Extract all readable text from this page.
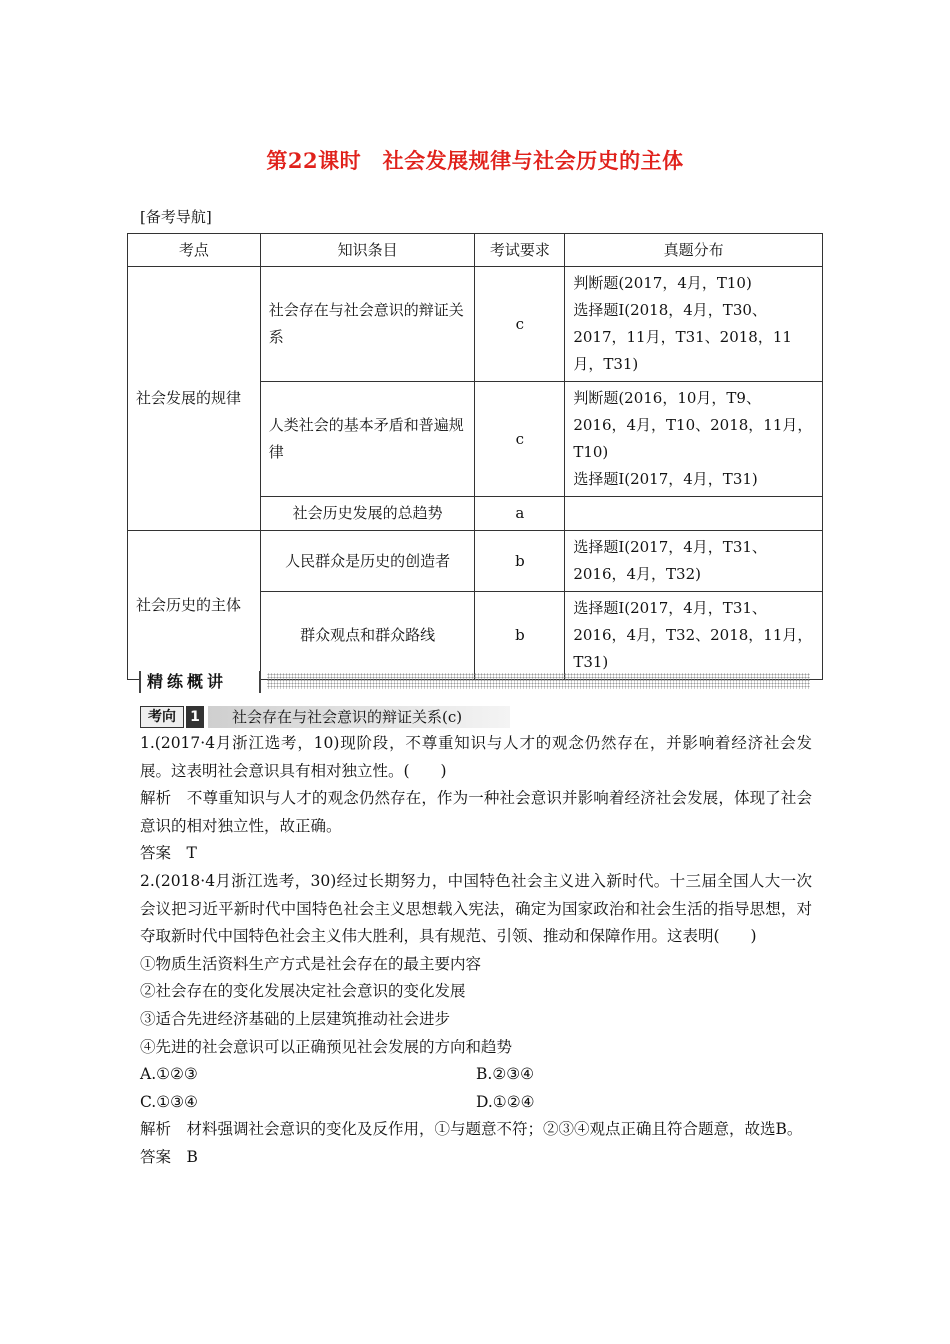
第22课时　社会发展规律与社会历史的主体
[备考导航]
考点	知识条目	考试要求	真题分布
社会发展的规律	社会存在与社会意识的辩证关系	c	判断题(2017，4月，T10)
选择题Ⅰ(2018，4月，T30、2017，11月，T31、2018，11月，T31)
	人类社会的基本矛盾和普遍规律	c	判断题(2016，10月，T9、2016，4月，T10、2018，11月，T10)
选择题Ⅰ(2017，4月，T31)
	社会历史发展的总趋势	a	
社会历史的主体	人民群众是历史的创造者	b	选择题Ⅰ(2017，4月，T31、2016，4月，T32)
	群众观点和群众路线	b	选择题Ⅰ(2017，4月，T31、2016，4月，T32、2018，11月，T31)
精练概讲
考向	1 社会存在与社会意识的辩证关系(c)

1.(2017·4月浙江选考，10)现阶段，不尊重知识与人才的观念仍然存在，并影响着经济社会发展。这表明社会意识具有相对独立性。(　　)

解析　不尊重知识与人才的观念仍然存在，作为一种社会意识并影响着经济社会发展，体现了社会意识的相对独立性，故正确。

答案　T

2.(2018·4月浙江选考，30)经过长期努力，中国特色社会主义进入新时代。十三届全国人大一次会议把习近平新时代中国特色社会主义思想载入宪法，确定为国家政治和社会生活的指导思想，对夺取新时代中国特色社会主义伟大胜利，具有规范、引领、推动和保障作用。这表明(　　)

①物质生活资料生产方式是社会存在的最主要内容

②社会存在的变化发展决定社会意识的变化发展

③适合先进经济基础的上层建筑推动社会进步

④先进的社会意识可以正确预见社会发展的方向和趋势

A.①②③	B.②③④
C.①③④	D.①②④

解析　材料强调社会意识的变化及反作用，①与题意不符；②③④观点正确且符合题意，故选B。

答案　B
